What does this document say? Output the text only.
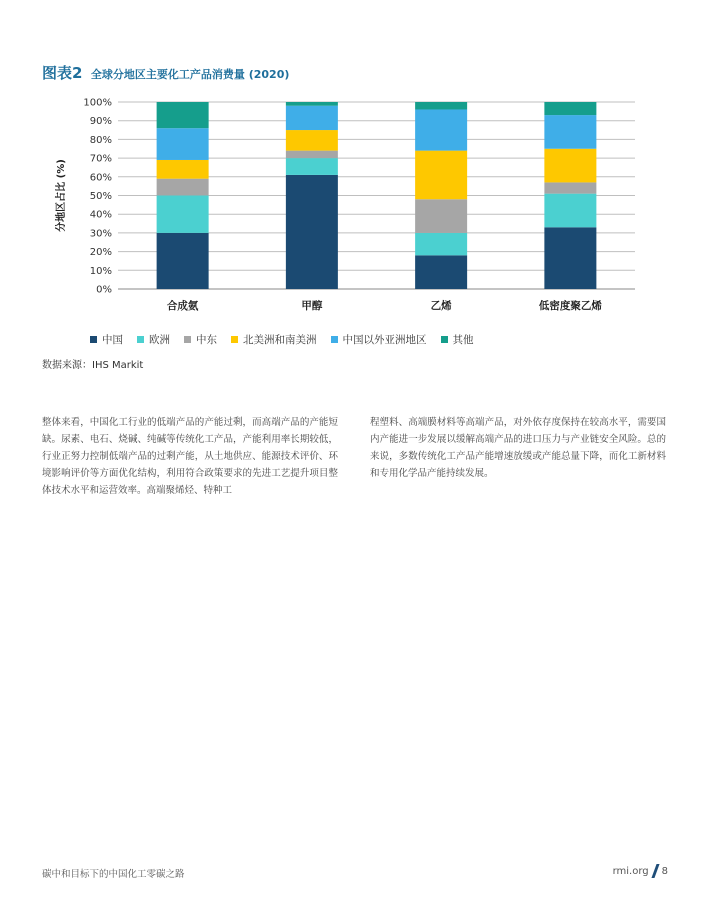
图表2 全球分地区主要化工产品消费量 (2020)
0%
10%
20%
30%
40%
50%
60%
70%
80%
90%
100%
分地区占比 (%)
合成氨	甲醇	乙烯	低密度聚乙烯
中国 欧洲 中东 北美洲和南美洲 中国以外亚洲地区 其他
数据来源：IHS Markit
整体来看，中国化工行业的低端产品的产能过剩，而高端产品的产能短缺。尿素、电石、烧碱、纯碱等传统化工产品，产能利用率长期较低，行业正努力控制低端产品的过剩产能，从土地供应、能源技术评价、环境影响评价等方面优化结构，利用符合政策要求的先进工艺提升项目整体技术水平和运营效率。高端聚烯烃、特种工
程塑料、高端膜材料等高端产品，对外依存度保持在较高水平，需要国内产能进一步发展以缓解高端产品的进口压力与产业链安全风险。总的来说，多数传统化工产品产能增速放缓或产能总量下降，而化工新材料和专用化学品产能持续发展。
碳中和目标下的中国化工零碳之路	rmi.org 8
